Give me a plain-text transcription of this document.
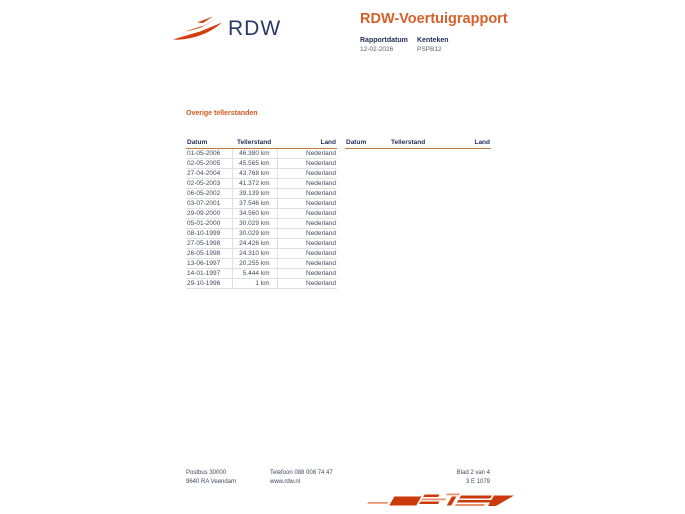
RDW	RDW-Voertuigrapport
Rapportdatum
12-02-2026
Kenteken
PSPB12
Overige tellerstanden
Datum	Tellerstand	Land
01-05-2006	46.380 km	Nederland
02-05-2005	45.565 km	Nederland
27-04-2004	43.768 km	Nederland
02-05-2003	41.372 km	Nederland
06-05-2002	39.139 km	Nederland
03-07-2001	37.546 km	Nederland
29-09-2000	34.560 km	Nederland
05-01-2000	30.029 km	Nederland
08-10-1999	30.029 km	Nederland
27-05-1998	24.426 km	Nederland
26-05-1998	24.310 km	Nederland
13-06-1997	20.255 km	Nederland
14-01-1997	5.444 km	Nederland
29-10-1996	1 km	Nederland
Datum	Tellerstand	Land
Postbus 30000
9640 RA Veendam
Telefoon 088 008 74 47
www.rdw.nl
Blad 2 van 4
3 E 1079
